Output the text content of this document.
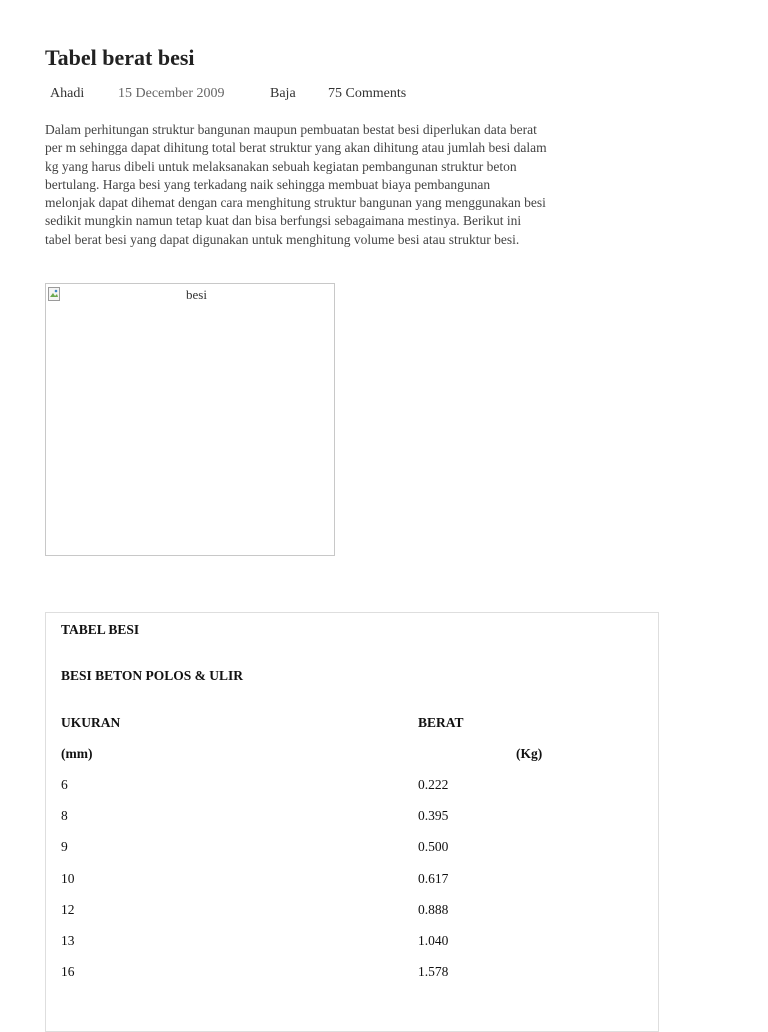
Tabel berat besi
Ahadi 15 December 2009	Baja 75 Comments

Dalam perhitungan struktur bangunan maupun pembuatan bestat besi diperlukan data berat
per m sehingga dapat dihitung total berat struktur yang akan dihitung atau jumlah besi dalam
kg yang harus dibeli untuk melaksanakan sebuah kegiatan pembangunan struktur beton
bertulang. Harga besi yang terkadang naik sehingga membuat biaya pembangunan
melonjak dapat dihemat dengan cara menghitung struktur bangunan yang menggunakan besi
sedikit mungkin namun tetap kuat dan bisa berfungsi sebagaimana mestinya. Berikut ini
tabel berat besi yang dapat digunakan untuk menghitung volume besi atau struktur besi.

besi
TABEL BESI
BESI BETON POLOS & ULIR
UKURAN	BERAT
(mm)	(Kg)
6	0.222
8	0.395
9	0.500
10	0.617
12	0.888
13	1.040
16	1.578
